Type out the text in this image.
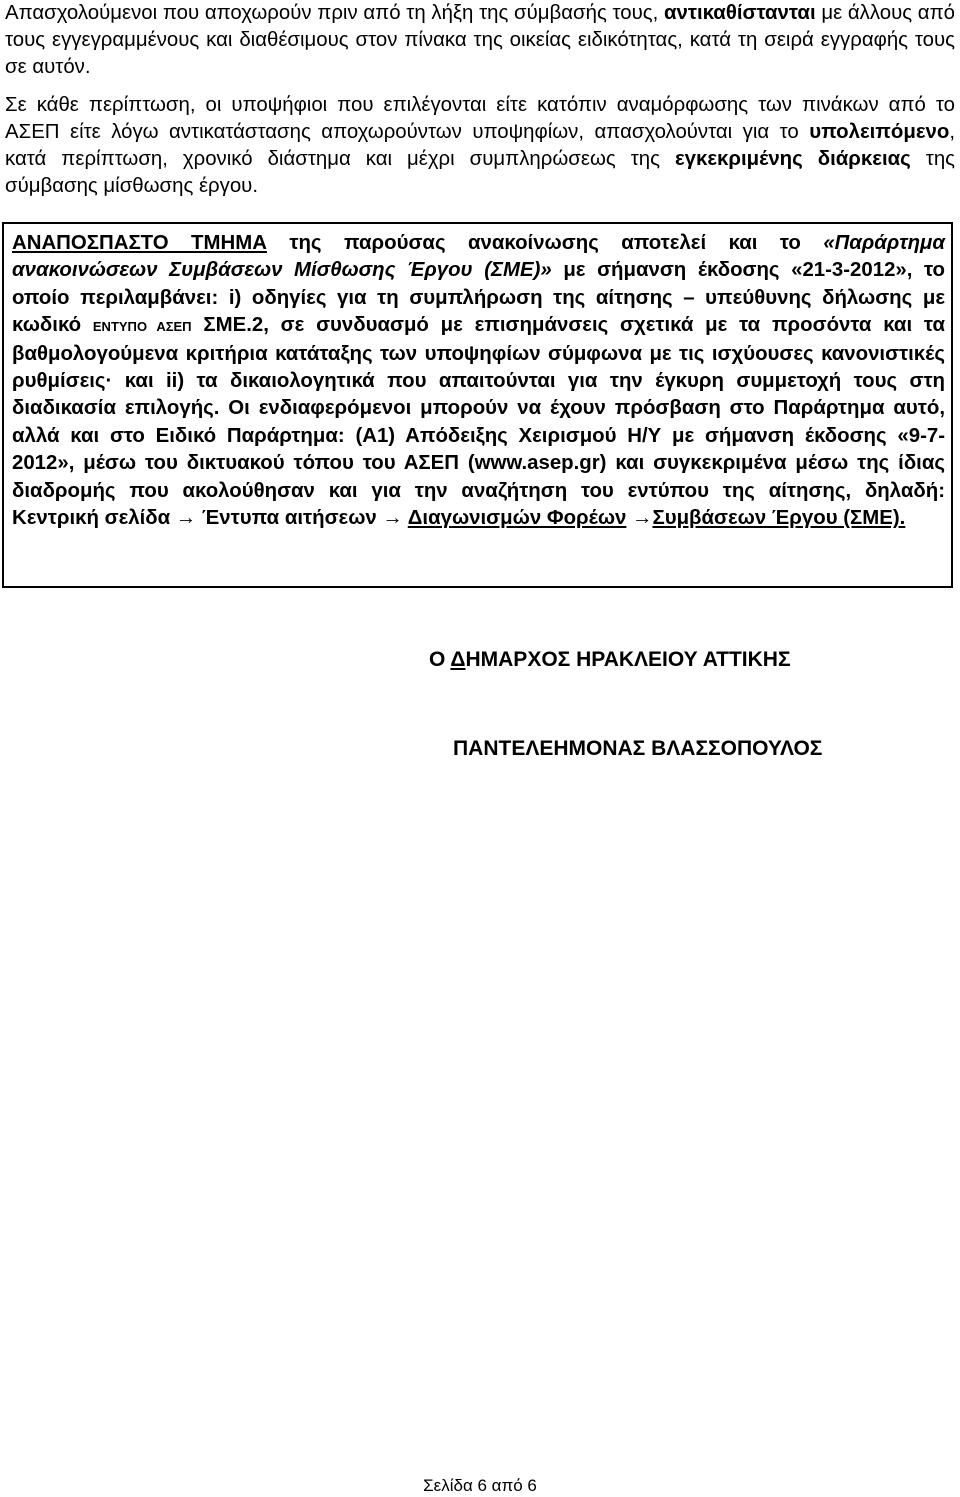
Απασχολούμενοι που αποχωρούν πριν από τη λήξη της σύμβασής τους, αντικαθίστανται με άλλους από τους εγγεγραμμένους και διαθέσιμους στον πίνακα της οικείας ειδικότητας, κατά τη σειρά εγγραφής τους σε αυτόν.

Σε κάθε περίπτωση, οι υποψήφιοι που επιλέγονται είτε κατόπιν αναμόρφωσης των πινάκων από το ΑΣΕΠ είτε λόγω αντικατάστασης αποχωρούντων υποψηφίων, απασχολούνται για το υπολειπόμενο, κατά περίπτωση, χρονικό διάστημα και μέχρι συμπληρώσεως της εγκεκριμένης διάρκειας της σύμβασης μίσθωσης έργου.

ΑΝΑΠΟΣΠΑΣΤΟ ΤΜΗΜΑ της παρούσας ανακοίνωσης αποτελεί και το «Παράρτημα ανακοινώσεων Συμβάσεων Μίσθωσης Έργου (ΣΜΕ)» με σήμανση έκδοσης «21-3-2012», το οποίο περιλαμβάνει: i) οδηγίες για τη συμπλήρωση της αίτησης – υπεύθυνης δήλωσης με κωδικό ΕΝΤΥΠΟ ΑΣΕΠ ΣΜΕ.2, σε συνδυασμό με επισημάνσεις σχετικά με τα προσόντα και τα βαθμολογούμενα κριτήρια κατάταξης των υποψηφίων σύμφωνα με τις ισχύουσες κανονιστικές ρυθμίσεις· και ii) τα δικαιολογητικά που απαιτούνται για την έγκυρη συμμετοχή τους στη διαδικασία επιλογής. Οι ενδιαφερόμενοι μπορούν να έχουν πρόσβαση στο Παράρτημα αυτό, αλλά και στο Ειδικό Παράρτημα: (Α1) Απόδειξης Χειρισμού Η/Υ με σήμανση έκδοσης «9-7-2012», μέσω του δικτυακού τόπου του ΑΣΕΠ (www.asep.gr) και συγκεκριμένα μέσω της ίδιας διαδρομής που ακολούθησαν και για την αναζήτηση του εντύπου της αίτησης, δηλαδή: Κεντρική σελίδα → Έντυπα αιτήσεων → Διαγωνισμών Φορέων →Συμβάσεων Έργου (ΣΜΕ).

Ο ΔΗΜΑΡΧΟΣ ΗΡΑΚΛΕΙΟΥ ΑΤΤΙΚΗΣ

ΠΑΝΤΕΛΕΗΜΟΝΑΣ ΒΛΑΣΣΟΠΟΥΛΟΣ

Σελίδα 6 από 6
